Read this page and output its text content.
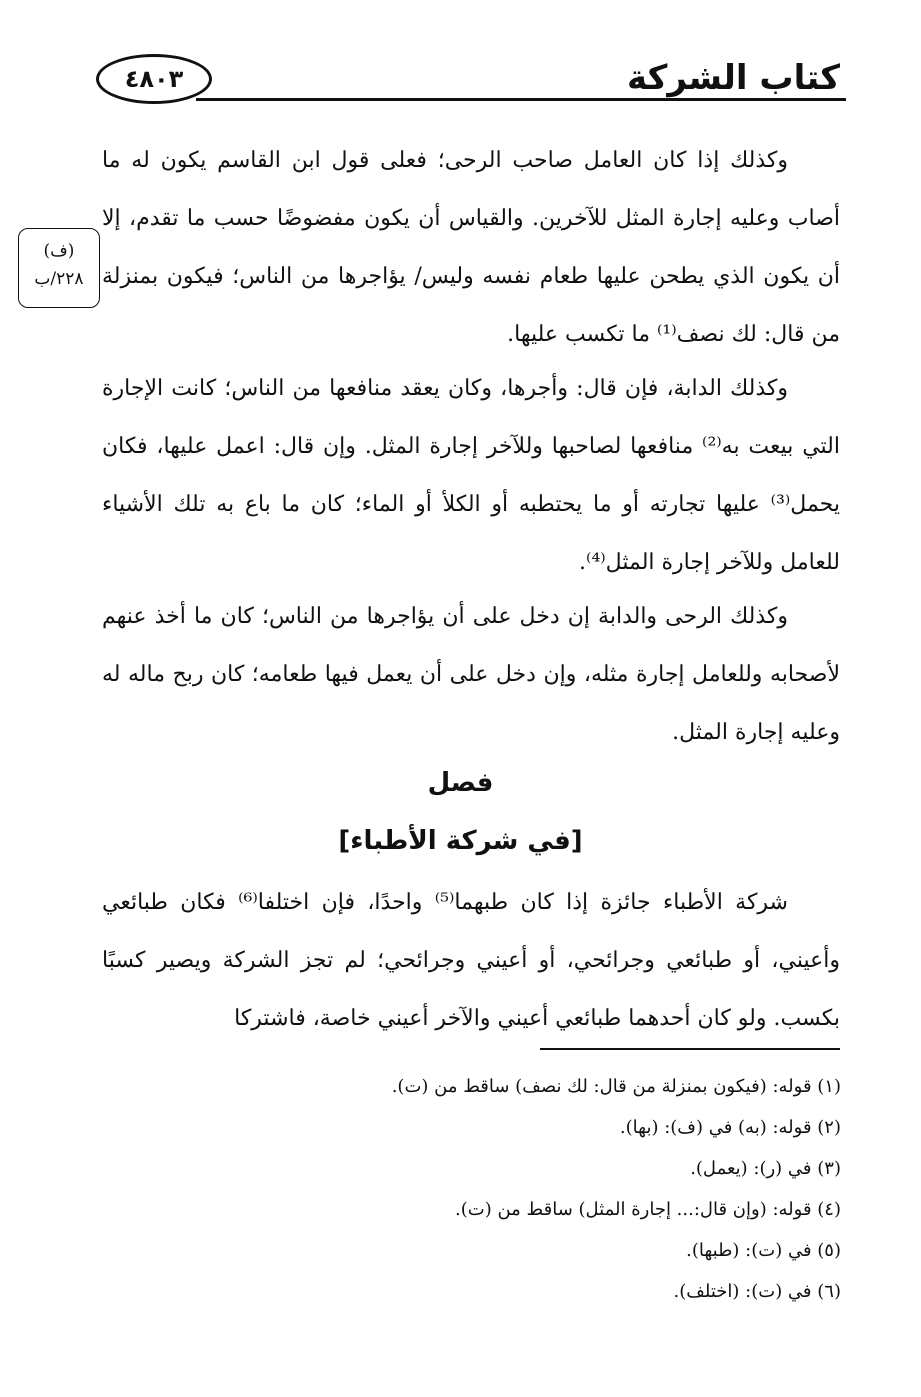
كتاب الشركة
٤٨٠٣
(ف)
٢٢٨/ب
وكذلك إذا كان العامل صاحب الرحى؛ فعلى قول ابن القاسم يكون له ما أصاب وعليه إجارة المثل للآخرين. والقياس أن يكون مفضوضًا حسب ما تقدم، إلا أن يكون الذي يطحن عليها طعام نفسه وليس/ يؤاجرها من الناس؛ فيكون بمنزلة من قال: لك نصف⁽¹⁾ ما تكسب عليها.
وكذلك الدابة، فإن قال: وأجرها، وكان يعقد منافعها من الناس؛ كانت الإجارة التي بيعت به⁽²⁾ منافعها لصاحبها وللآخر إجارة المثل. وإن قال: اعمل عليها، فكان يحمل⁽³⁾ عليها تجارته أو ما يحتطبه أو الكلأ أو الماء؛ كان ما باع به تلك الأشياء للعامل وللآخر إجارة المثل⁽⁴⁾.
وكذلك الرحى والدابة إن دخل على أن يؤاجرها من الناس؛ كان ما أخذ عنهم لأصحابه وللعامل إجارة مثله، وإن دخل على أن يعمل فيها طعامه؛ كان ربح ماله له وعليه إجارة المثل.
فصل
[في شركة الأطباء]
شركة الأطباء جائزة إذا كان طبهما⁽⁵⁾ واحدًا، فإن اختلفا⁽⁶⁾ فكان طبائعي وأعيني، أو طبائعي وجرائحي، أو أعيني وجرائحي؛ لم تجز الشركة ويصير كسبًا بكسب. ولو كان أحدهما طبائعي أعيني والآخر أعيني خاصة، فاشتركا
(١) قوله: (فيكون بمنزلة من قال: لك نصف) ساقط من (ت).
(٢) قوله: (به) في (ف): (بها).
(٣) في (ر): (يعمل).
(٤) قوله: (وإن قال:... إجارة المثل) ساقط من (ت).
(٥) في (ت): (طبها).
(٦) في (ت): (اختلف).
